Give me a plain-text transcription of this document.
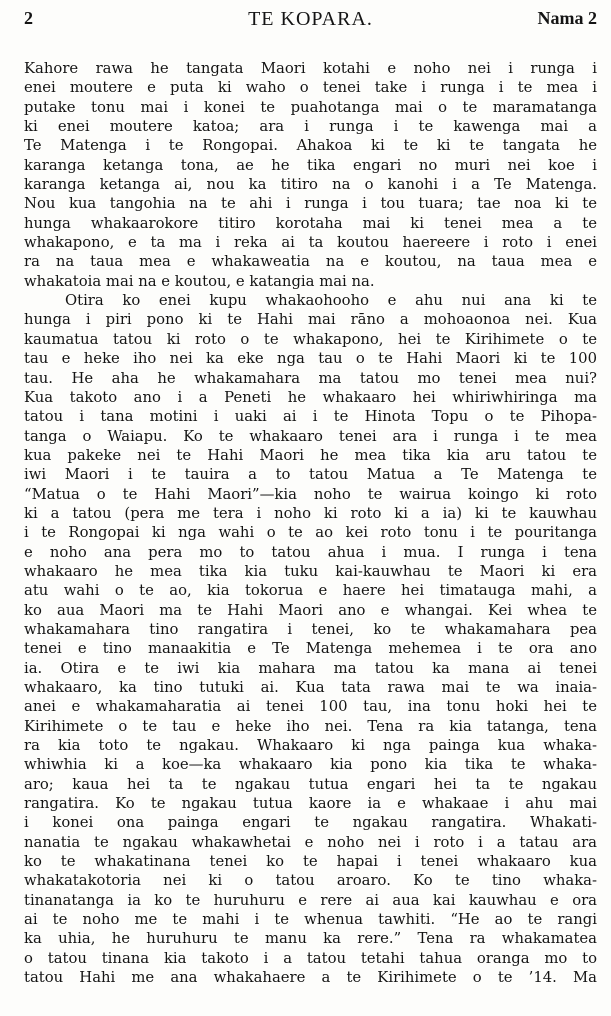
2	TE KOPARA.	Nama 2
Kahore rawa he tangata Maori kotahi e noho nei i runga i
enei moutere e puta ki waho o tenei take i runga i te mea i
putake tonu mai i konei te puahotanga mai o te maramatanga
ki enei moutere katoa; ara i runga i te kawenga mai a
Te Matenga i te Rongopai. Ahakoa ki te ki te tangata he
karanga ketanga tona, ae he tika engari no muri nei koe i
karanga ketanga ai, nou ka titiro na o kanohi i a Te Matenga.
Nou kua tangohia na te ahi i runga i tou tuara; tae noa ki te
hunga whakaarokore titiro korotaha mai ki tenei mea a te
whakapono, e ta ma i reka ai ta koutou haereere i roto i enei
ra na taua mea e whakaweatia na e koutou, na taua mea e
whakatoia mai na e koutou, e katangia mai na.
Otira ko enei kupu whakaohooho e ahu nui ana ki te
hunga i piri pono ki te Hahi mai rāno a mohoaonoa nei. Kua
kaumatua tatou ki roto o te whakapono, hei te Kirihimete o te
tau e heke iho nei ka eke nga tau o te Hahi Maori ki te 100
tau. He aha he whakamahara ma tatou mo tenei mea nui?
Kua takoto ano i a Peneti he whakaaro hei whiriwhiringa ma
tatou i tana motini i uaki ai i te Hinota Topu o te Pihopa-
tanga o Waiapu. Ko te whakaaro tenei ara i runga i te mea
kua pakeke nei te Hahi Maori he mea tika kia aru tatou te
iwi Maori i te tauira a to tatou Matua a Te Matenga te
“Matua o te Hahi Maori”—kia noho te wairua koingo ki roto
ki a tatou (pera me tera i noho ki roto ki a ia) ki te kauwhau
i te Rongopai ki nga wahi o te ao kei roto tonu i te pouritanga
e noho ana pera mo to tatou ahua i mua. I runga i tena
whakaaro he mea tika kia tuku kai-kauwhau te Maori ki era
atu wahi o te ao, kia tokorua e haere hei timatauga mahi, a
ko aua Maori ma te Hahi Maori ano e whangai. Kei whea te
whakamahara tino rangatira i tenei, ko te whakamahara pea
tenei e tino manaakitia e Te Matenga mehemea i te ora ano
ia. Otira e te iwi kia mahara ma tatou ka mana ai tenei
whakaaro, ka tino tutuki ai. Kua tata rawa mai te wa inaia-
anei e whakamaharatia ai tenei 100 tau, ina tonu hoki hei te
Kirihimete o te tau e heke iho nei. Tena ra kia tatanga, tena
ra kia toto te ngakau. Whakaaro ki nga painga kua whaka-
whiwhia ki a koe—ka whakaaro kia pono kia tika te whaka-
aro; kaua hei ta te ngakau tutua engari hei ta te ngakau
rangatira. Ko te ngakau tutua kaore ia e whakaae i ahu mai
i konei ona painga engari te ngakau rangatira. Whakati-
nanatia te ngakau whakawhetai e noho nei i roto i a tatau ara
ko te whakatinana tenei ko te hapai i tenei whakaaro kua
whakatakotoria nei ki o tatou aroaro. Ko te tino whaka-
tinanatanga ia ko te huruhuru e rere ai aua kai kauwhau e ora
ai te noho me te mahi i te whenua tawhiti. “He ao te rangi
ka uhia, he huruhuru te manu ka rere.” Tena ra whakamatea
o tatou tinana kia takoto i a tatou tetahi tahua oranga mo to
tatou Hahi me ana whakahaere a te Kirihimete o te ’14. Ma
